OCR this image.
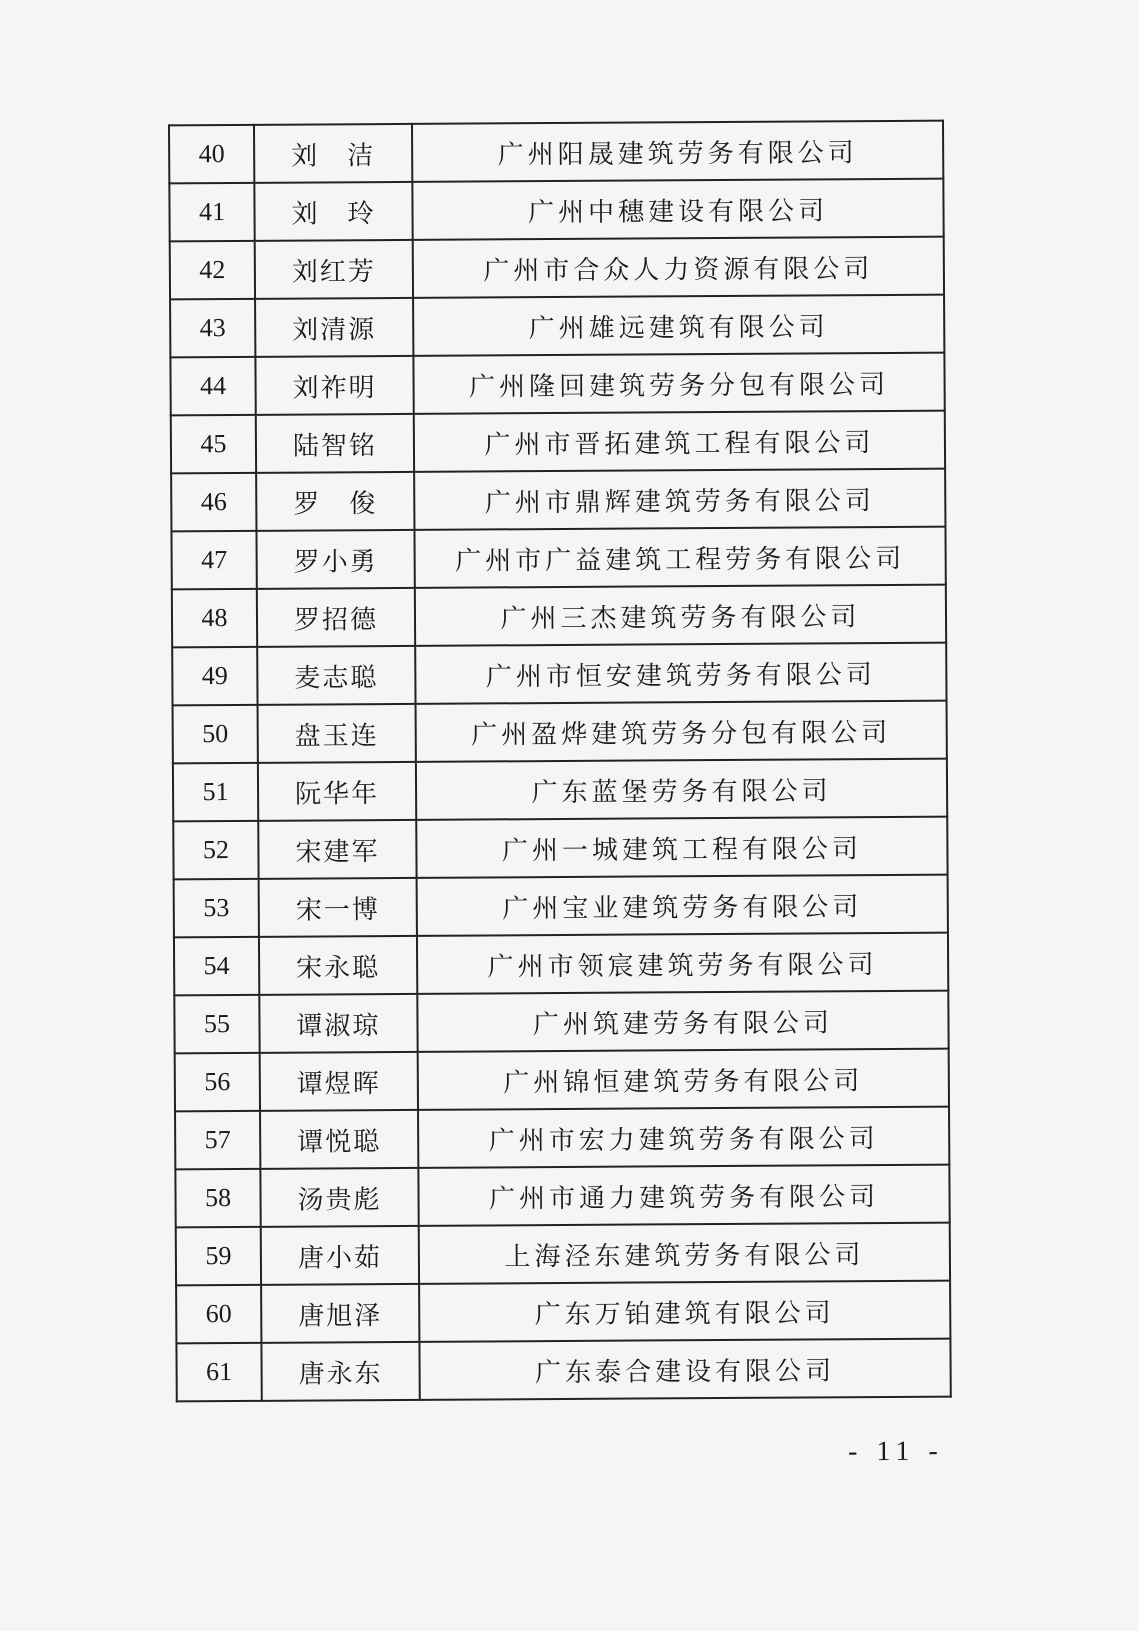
40	刘　洁	广州阳晟建筑劳务有限公司
41	刘　玲	广州中穗建设有限公司
42	刘红芳	广州市合众人力资源有限公司
43	刘清源	广州雄远建筑有限公司
44	刘祚明	广州隆回建筑劳务分包有限公司
45	陆智铭	广州市晋拓建筑工程有限公司
46	罗　俊	广州市鼎辉建筑劳务有限公司
47	罗小勇	广州市广益建筑工程劳务有限公司
48	罗招德	广州三杰建筑劳务有限公司
49	麦志聪	广州市恒安建筑劳务有限公司
50	盘玉连	广州盈烨建筑劳务分包有限公司
51	阮华年	广东蓝堡劳务有限公司
52	宋建军	广州一城建筑工程有限公司
53	宋一博	广州宝业建筑劳务有限公司
54	宋永聪	广州市领宸建筑劳务有限公司
55	谭淑琼	广州筑建劳务有限公司
56	谭煜晖	广州锦恒建筑劳务有限公司
57	谭悦聪	广州市宏力建筑劳务有限公司
58	汤贵彪	广州市通力建筑劳务有限公司
59	唐小茹	上海泾东建筑劳务有限公司
60	唐旭泽	广东万铂建筑有限公司
61	唐永东	广东泰合建设有限公司
- 11 -
